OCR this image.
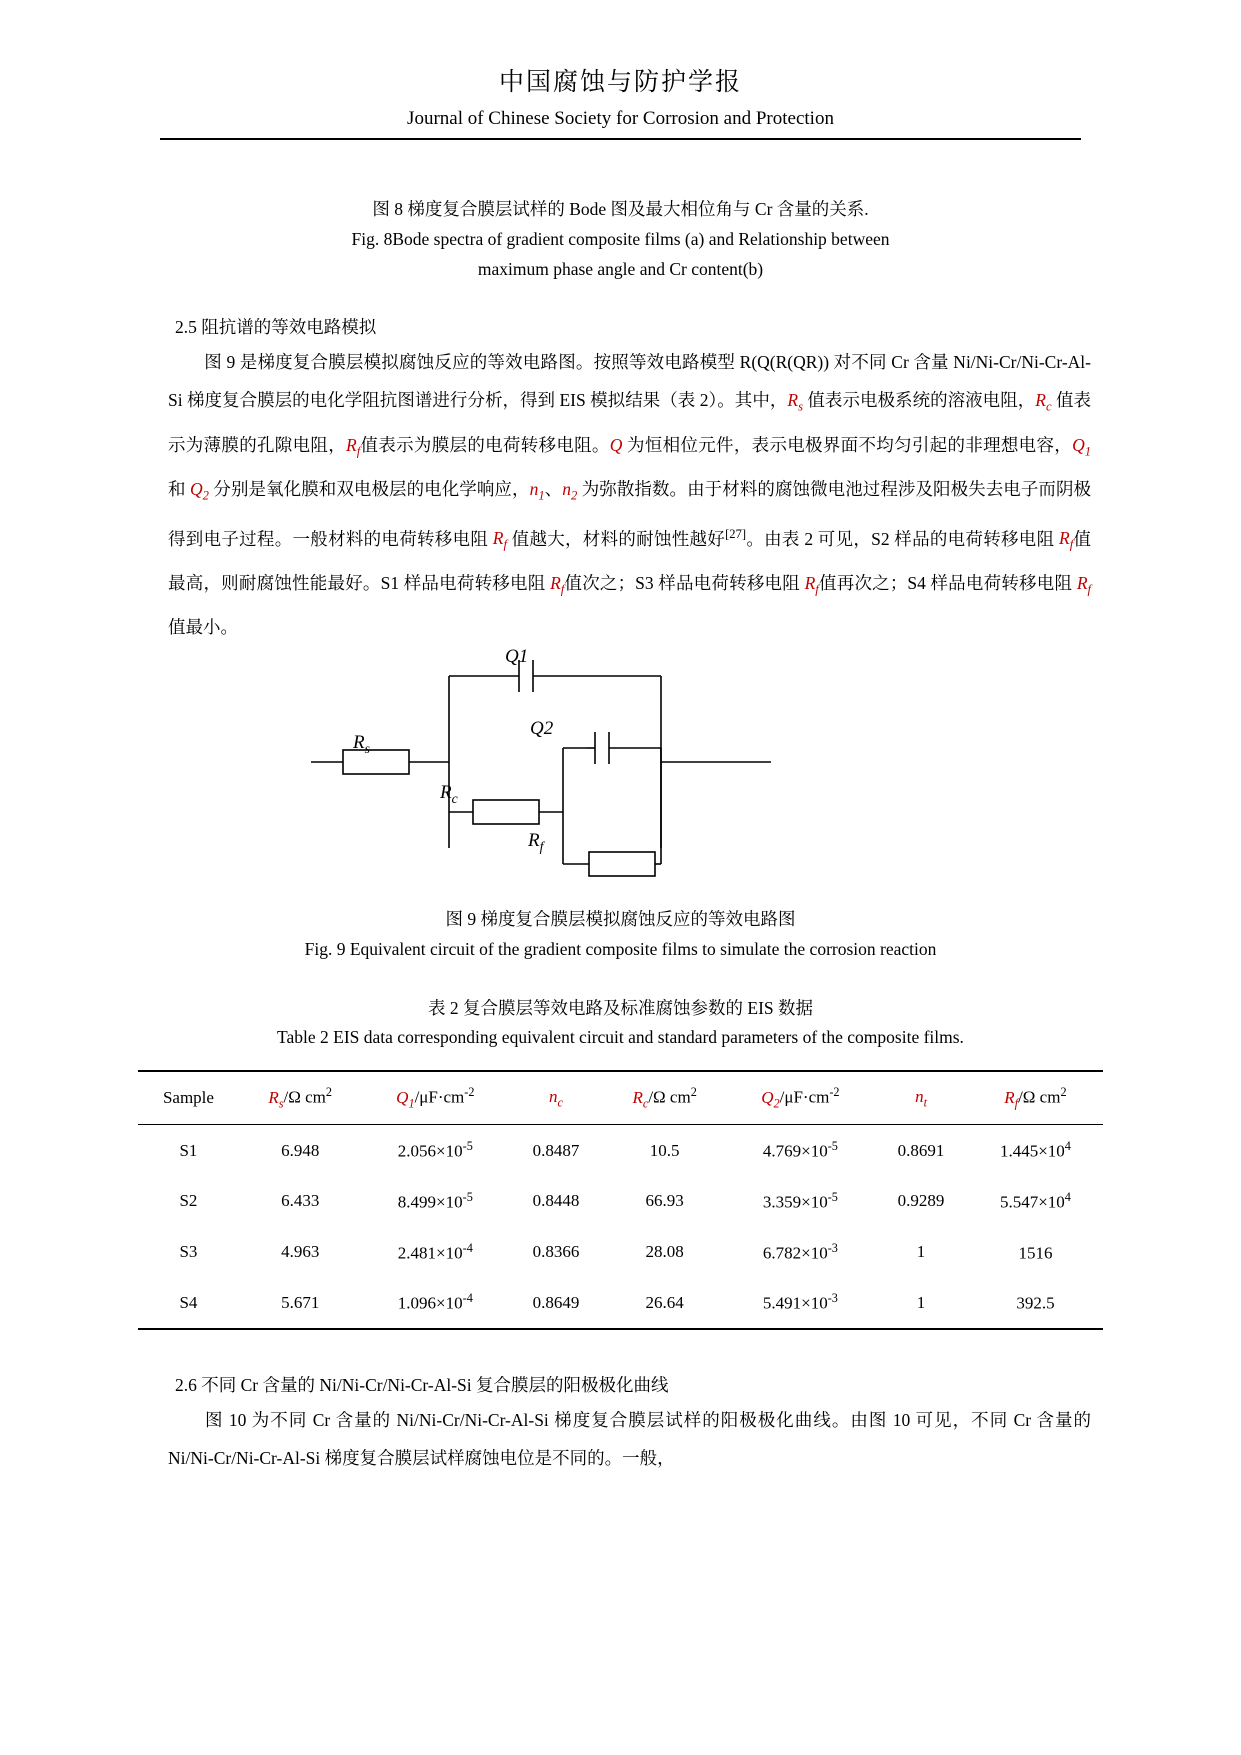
中国腐蚀与防护学报
Journal of Chinese Society for Corrosion and Protection
图 8 梯度复合膜层试样的 Bode 图及最大相位角与 Cr 含量的关系.
Fig. 8Bode spectra of gradient composite films (a) and Relationship between
maximum phase angle and Cr content(b)
2.5 阻抗谱的等效电路模拟
图 9 是梯度复合膜层模拟腐蚀反应的等效电路图。按照等效电路模型 R(Q(R(QR)) 对不同 Cr 含量 Ni/Ni-Cr/Ni-Cr-Al-Si 梯度复合膜层的电化学阻抗图谱进行分析，得到 EIS 模拟结果（表 2）。其中，$R_s$ 值表示电极系统的溶液电阻，$R_c$ 值表示为薄膜的孔隙电阻，$R_f$值表示为膜层的电荷转移电阻。Q 为恒相位元件，表示电极界面不均匀引起的非理想电容，$Q_1$ 和 $Q_2$ 分别是氧化膜和双电极层的电化学响应，$n_1$、$n_2$ 为弥散指数。由于材料的腐蚀微电池过程涉及阳极失去电子而阴极得到电子过程。一般材料的电荷转移电阻 $R_f$ 值越大，材料的耐蚀性越好[27]。由表 2 可见，S2 样品的电荷转移电阻 $R_f$值最高，则耐腐蚀性能最好。S1 样品电荷转移电阻 $R_f$值次之；S3 样品电荷转移电阻 $R_f$值再次之；S4 样品电荷转移电阻 $R_f$值最小。
Q1
Q2
$R_s$
$R_c$
$R_f$
图 9 梯度复合膜层模拟腐蚀反应的等效电路图
Fig. 9 Equivalent circuit of the gradient composite films to simulate the corrosion reaction
表 2 复合膜层等效电路及标准腐蚀参数的 EIS 数据
Table 2 EIS data corresponding equivalent circuit and standard parameters of the composite films.
Sample	$R_s/\Omega$ $cm^2$	$Q_1/\mu F\cdot cm^{-2}$	$n_c$	$R_c/\Omega$ $cm^2$	$Q_2/\mu F\cdot cm^{-2}$	$n_t$	$R_f/\Omega$ $cm^2$
S1	6.948	$2.056\times 10^{-5}$	0.8487	10.5	$4.769\times 10^{-5}$	0.8691	$1.445\times 10^4$
S2	6.433	$8.499\times 10^{-5}$	0.8448	66.93	$3.359\times 10^{-5}$	0.9289	$5.547\times 10^4$
S3	4.963	$2.481\times 10^{-4}$	0.8366	28.08	$6.782\times 10^{-3}$	1	1516
S4	5.671	$1.096\times 10^{-4}$	0.8649	26.64	$5.491\times 10^{-3}$	1	392.5
2.6 不同 Cr 含量的 Ni/Ni-Cr/Ni-Cr-Al-Si 复合膜层的阳极极化曲线
图 10 为不同 Cr 含量的 Ni/Ni-Cr/Ni-Cr-Al-Si 梯度复合膜层试样的阳极极化曲线。由图 10 可见，不同 Cr 含量的 Ni/Ni-Cr/Ni-Cr-Al-Si 梯度复合膜层试样腐蚀电位是不同的。一般，
